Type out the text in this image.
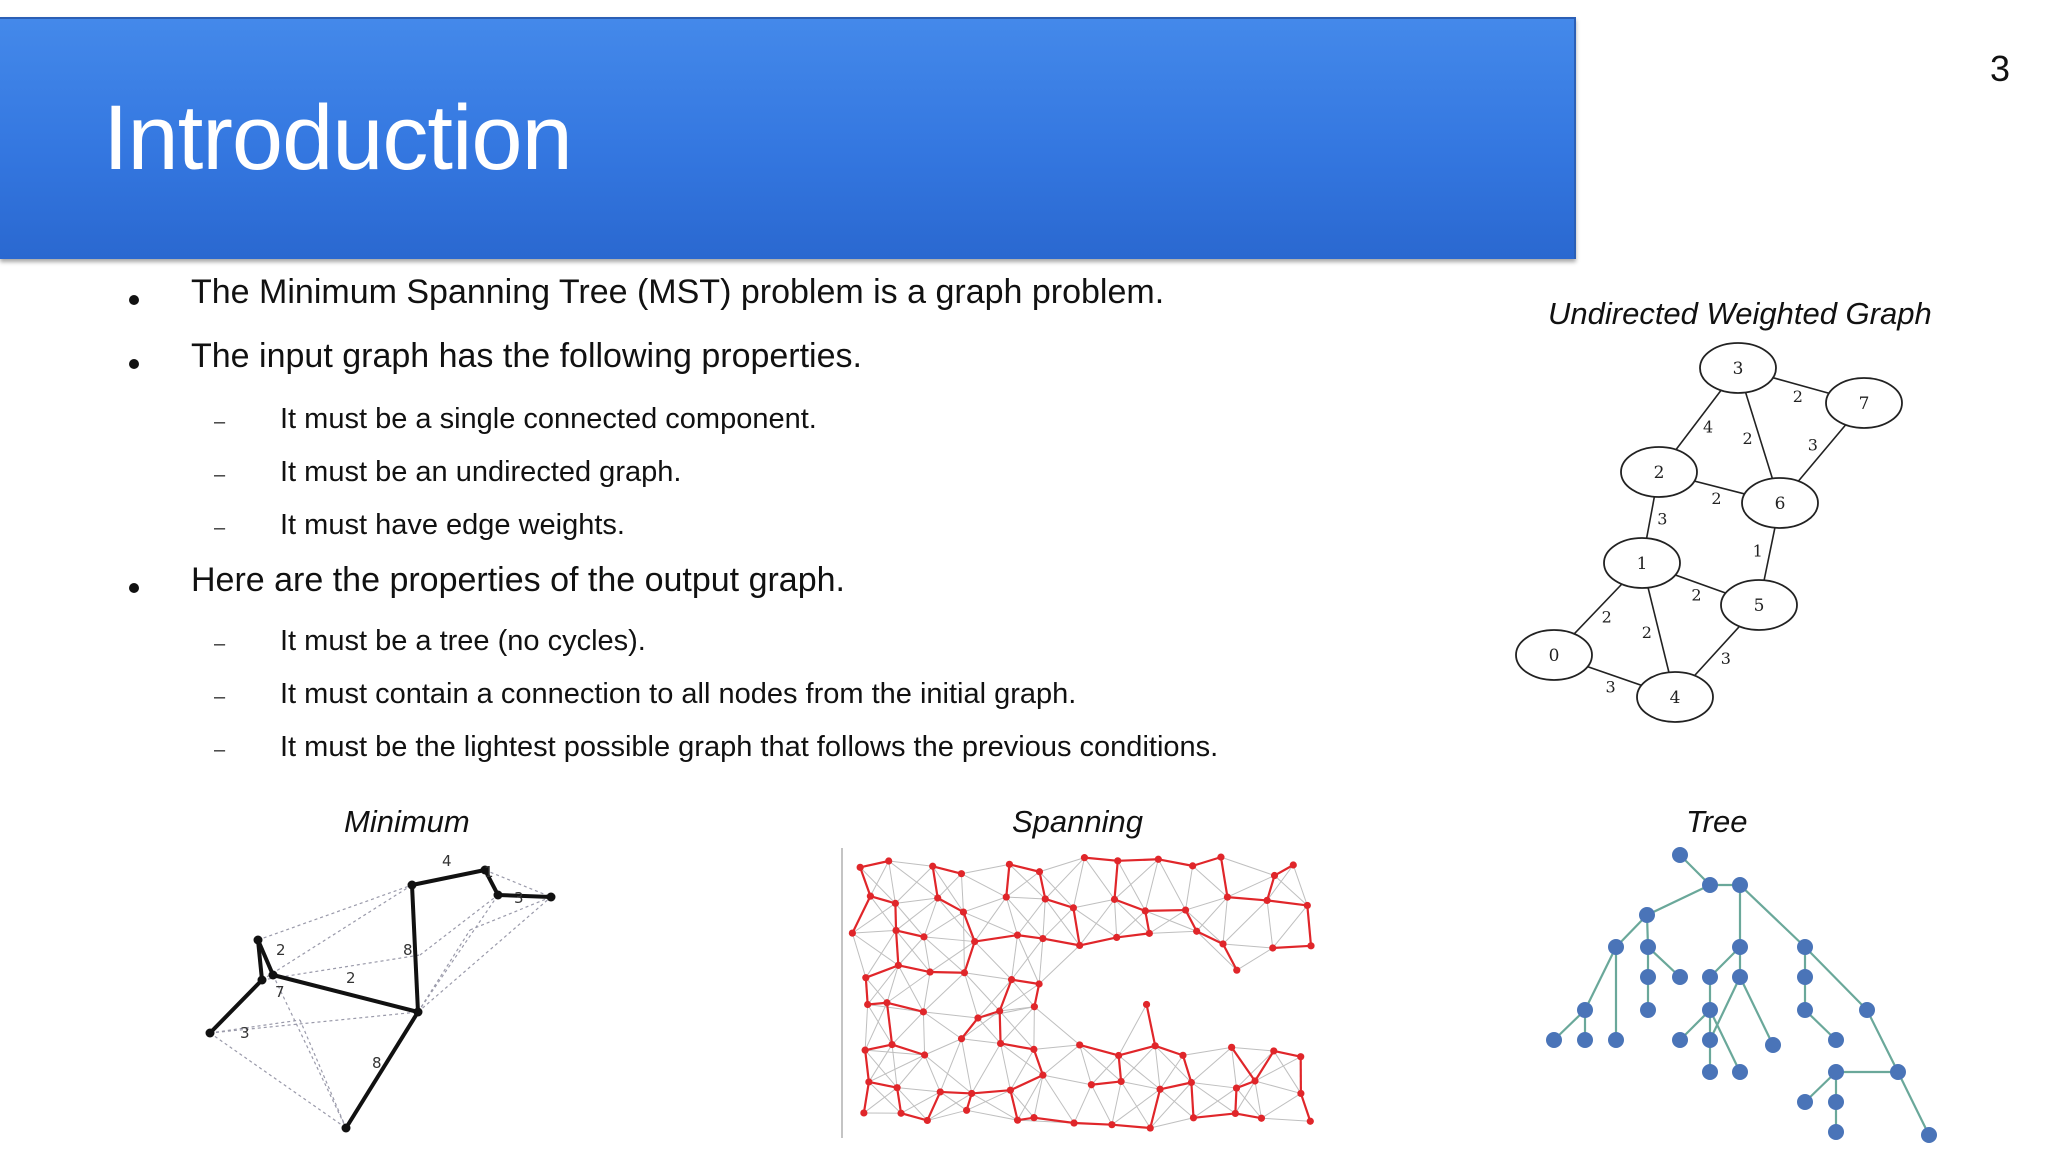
Introduction
3
The Minimum Spanning Tree (MST) problem is a graph problem.
The input graph has the following properties.
– It must be a single connected component.
– It must be an undirected graph.
– It must have edge weights.
Here are the properties of the output graph.
– It must be a tree (no cycles).
– It must contain a connection to all nodes from the initial graph.
– It must be the lightest possible graph that follows the previous conditions.
Undirected Weighted Graph
Minimum	Spanning	Tree
2
3
3
2
2
3
4
2
2
2
3
1
0
1
2
3
4
5
6
7
4
1
3
2
7
8
2
3
8
